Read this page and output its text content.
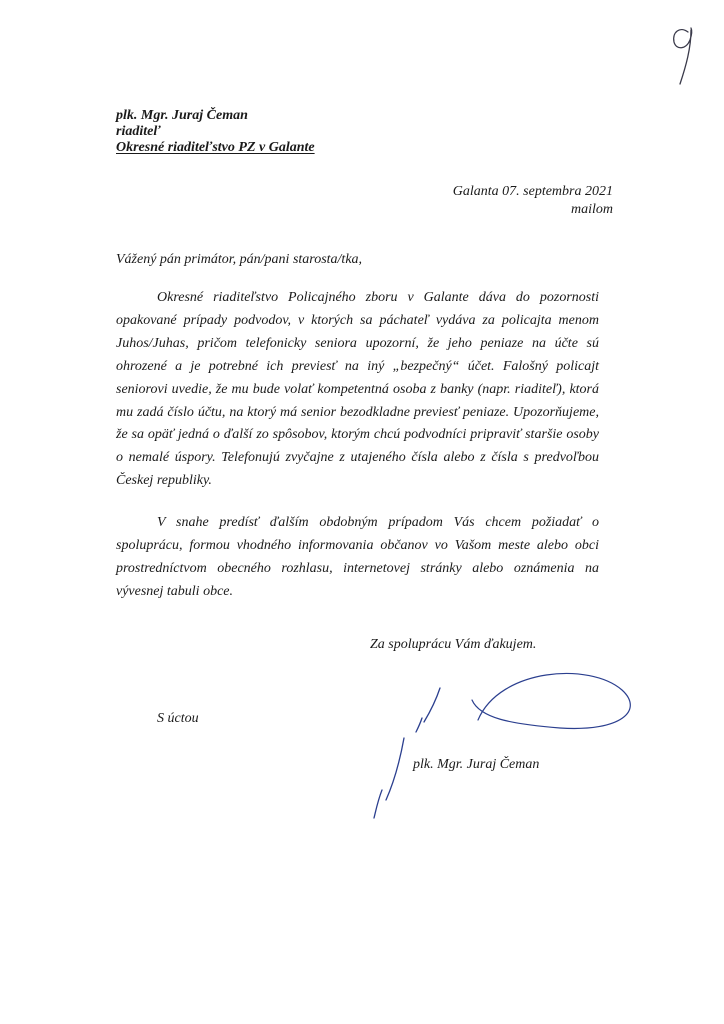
plk. Mgr. Juraj Čeman
riaditeľ
Okresné riaditeľstvo PZ v Galante
Galanta 07. septembra 2021
mailom
Vážený pán primátor, pán/pani starosta/tka,

Okresné riaditeľstvo Policajného zboru v Galante dáva do pozornosti opakované prípady podvodov, v ktorých sa páchateľ vydáva za policajta menom Juhos/Juhas, pričom telefonicky seniora upozorní, že jeho peniaze na účte sú ohrozené a je potrebné ich previesť na iný „bezpečný“ účet. Falošný policajt seniorovi uvedie, že mu bude volať kompetentná osoba z banky (napr. riaditeľ), ktorá mu zadá číslo účtu, na ktorý má senior bezodkladne previesť peniaze. Upozorňujeme, že sa opäť jedná o ďalší zo spôsobov, ktorým chcú podvodníci pripraviť staršie osoby o nemalé úspory. Telefonujú zvyčajne z utajeného čísla alebo z čísla s predvoľbou Českej republiky.

V snahe predísť ďalším obdobným prípadom Vás chcem požiadať o spoluprácu, formou vhodného informovania občanov vo Vašom meste alebo obci prostredníctvom obecného rozhlasu, internetovej stránky alebo oznámenia na vývesnej tabuli obce.

Za spoluprácu Vám ďakujem.
S úctou
plk. Mgr. Juraj Čeman
